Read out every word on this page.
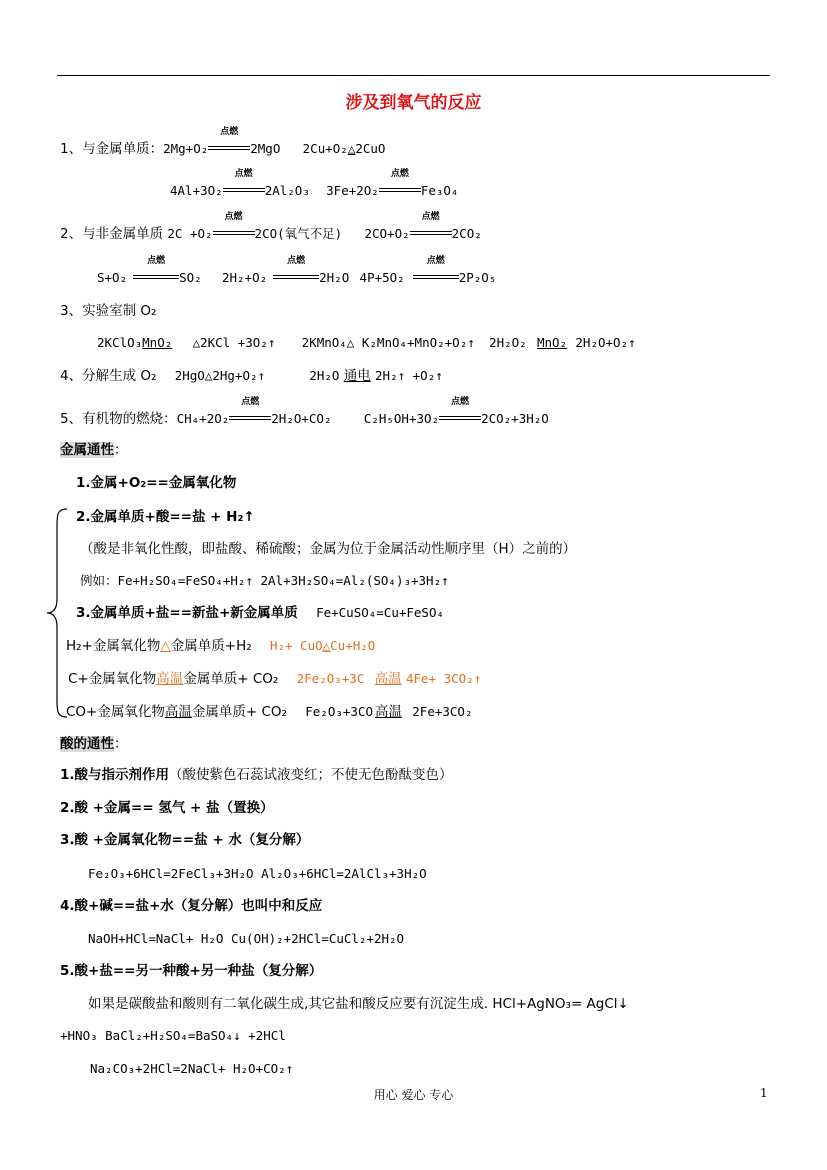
涉及到氧气的反应
1、与金属单质：2Mg+O₂
点燃
2MgO 2Cu+O₂△2CuO
4Al+3O₂
点燃
2Al₂O₃ 3Fe+2O₂
点燃
Fe₃O₄
2、与非金属单质 2C +O₂
点燃
2CO(氧气不足) 2CO+O₂
点燃
2CO₂
S+O₂
点燃
SO₂ 2H₂+O₂
点燃
2H₂O 4P+5O₂
点燃
2P₂O₅
3、实验室制 O₂
2KClO₃MnO₂ △2KCl +3O₂↑ 2KMnO₄△ K₂MnO₄+MnO₂+O₂↑ 2H₂O₂ MnO₂ 2H₂O+O₂↑
4、分解生成 O₂ 2HgO△2Hg+O₂↑	2H₂O 通电 2H₂↑ +O₂↑
5、有机物的燃烧：CH₄+2O₂
点燃
2H₂O+CO₂	C₂H₅OH+3O₂
点燃
2CO₂+3H₂O
金属通性：
1.金属+O₂==金属氧化物
2.金属单质+酸==盐 + H₂↑
（酸是非氧化性酸，即盐酸、稀硫酸；金属为位于金属活动性顺序里（H）之前的）
例如：Fe+H₂SO₄=FeSO₄+H₂↑ 2Al+3H₂SO₄=Al₂(SO₄)₃+3H₂↑
3.金属单质+盐==新盐+新金属单质 Fe+CuSO₄=Cu+FeSO₄
H₂+金属氧化物△金属单质+H₂ H₂+ CuO△Cu+H₂O
C+金属氧化物高温金属单质+ CO₂ 2Fe₂O₃+3C 高温 4Fe+ 3CO₂↑
CO+金属氧化物高温金属单质+ CO₂ Fe₂O₃+3CO 高温 2Fe+3CO₂
酸的通性：
1.酸与指示剂作用（酸使紫色石蕊试液变红；不使无色酚酞变色）
2.酸 +金属== 氢气 + 盐（置换）
3.酸 +金属氧化物==盐 + 水（复分解）
Fe₂O₃+6HCl=2FeCl₃+3H₂O Al₂O₃+6HCl=2AlCl₃+3H₂O
4.酸+碱==盐+水（复分解）也叫中和反应
NaOH+HCl=NaCl+ H₂O Cu(OH)₂+2HCl=CuCl₂+2H₂O
5.酸+盐==另一种酸+另一种盐（复分解）
如果是碳酸盐和酸则有二氧化碳生成,其它盐和酸反应要有沉淀生成. HCl+AgNO₃= AgCl↓
+HNO₃ BaCl₂+H₂SO₄=BaSO₄↓ +2HCl
Na₂CO₃+2HCl=2NaCl+ H₂O+CO₂↑
用心 爱心 专心	1
